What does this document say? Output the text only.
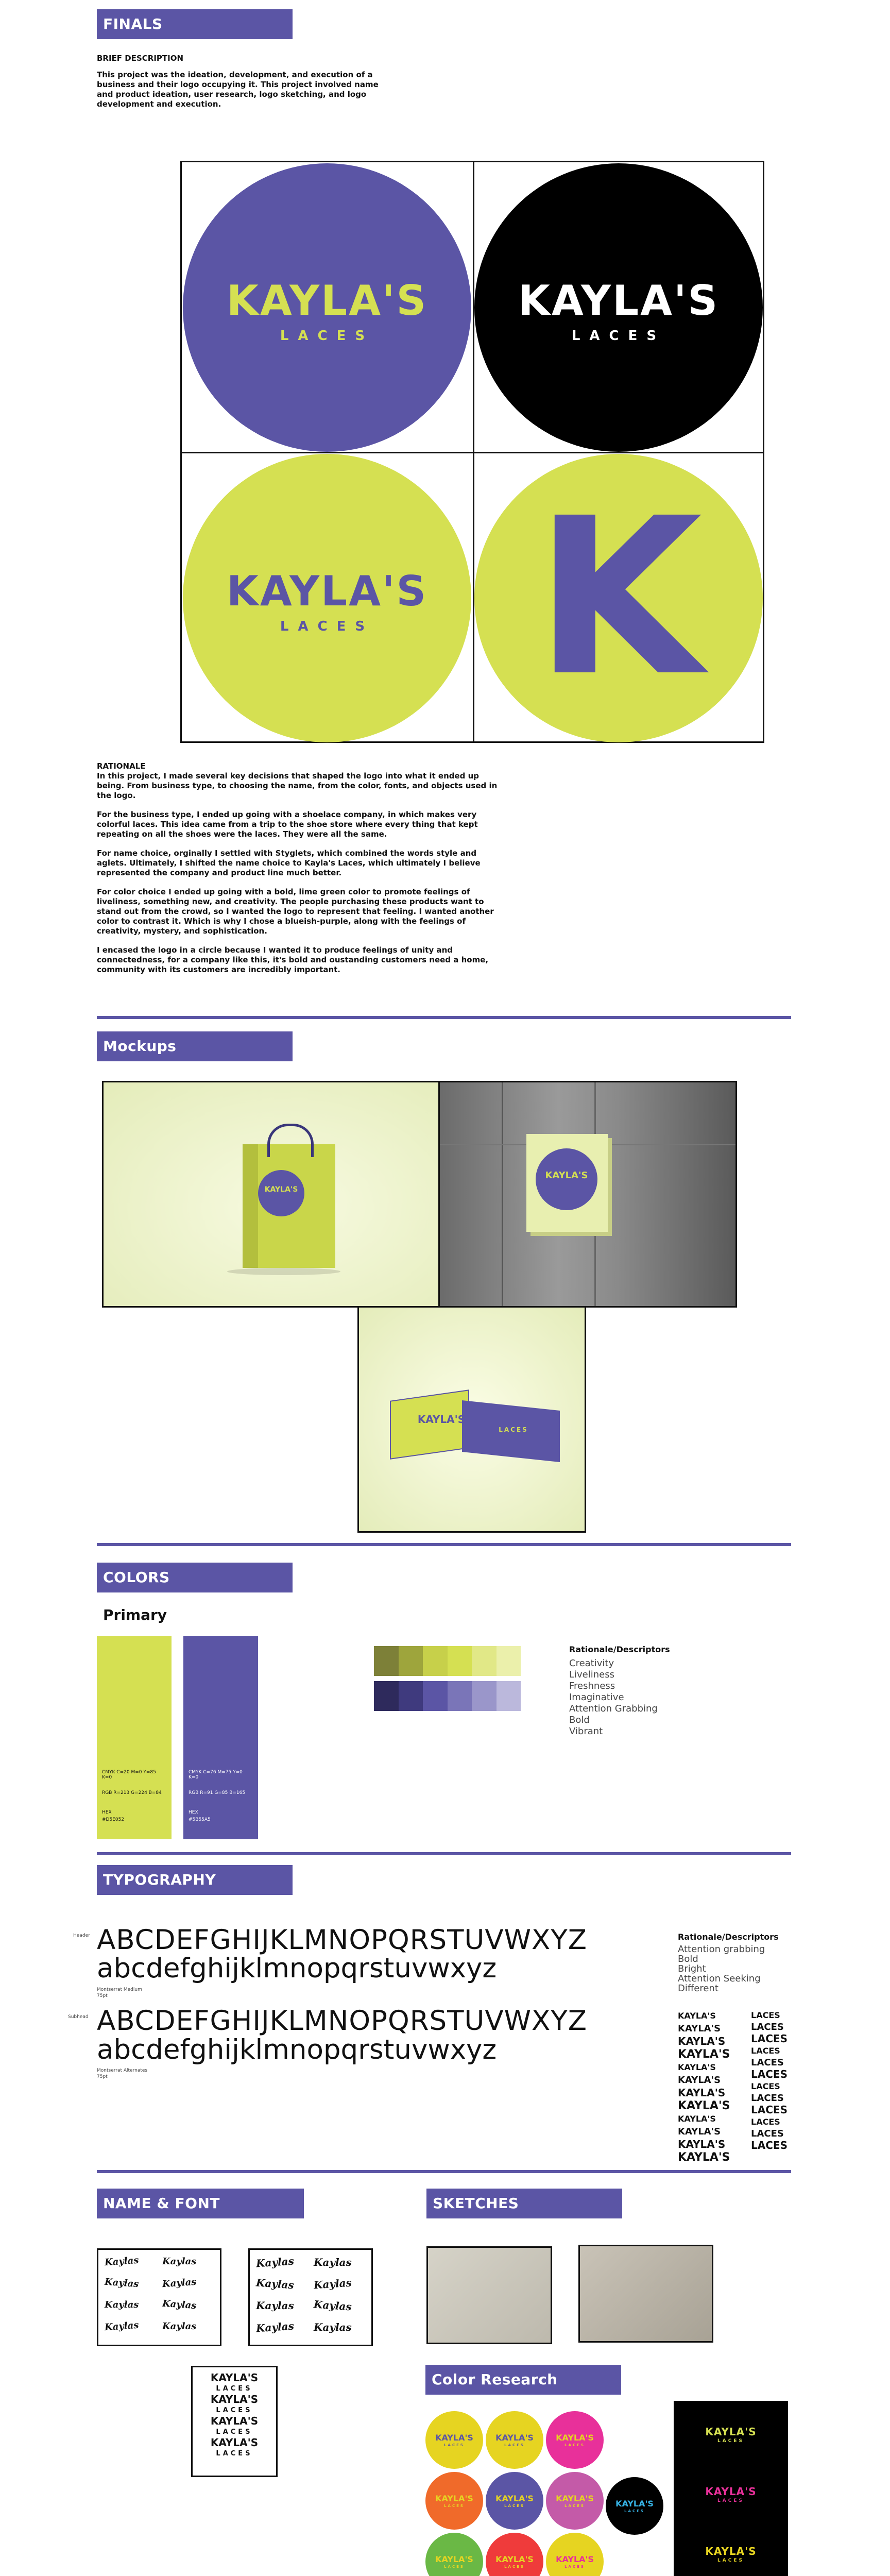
FINALS
BRIEF DESCRIPTION
This project was the ideation, development, and execution of a business and their logo occupying it. This project involved name and product ideation, user research, logo sketching, and logo development and execution.
KAYLA'S
LACES
KAYLA'S
LACES
KAYLA'S
LACES K
RATIONALE

In this project, I made several key decisions that shaped the logo into what it ended up being. From business type, to choosing the name, from the color, fonts, and objects used in the logo.

For the business type, I ended up going with a shoelace company, in which makes very colorful laces. This idea came from a trip to the shoe store where every thing that kept repeating on all the shoes were the laces. They were all the same.

For name choice, orginally I settled with Styglets, which combined the words style and aglets. Ultimately, I shifted the name choice to Kayla's Laces, which ultimately I believe represented the company and product line much better.

For color choice I ended up going with a bold, lime green color to promote feelings of liveliness, something new, and creativity. The people purchasing these products want to stand out from the crowd, so I wanted the logo to represent that feeling. I wanted another color to contrast it. Which is why I chose a blueish-purple, along with the feelings of creativity, mystery, and sophistication.

I encased the logo in a circle because I wanted it to produce feelings of unity and connectedness, for a company like this, it's bold and oustanding customers need a home, community with its customers are incredibly important.

Mockups
KAYLA'S
KAYLA'S
KAYLA'S
LACES
COLORS
Primary
CMYK C=20 M=0 Y=85 K=0
RGB R=213 G=224 B=84
HEX
#D5E052
CMYK C=76 M=75 Y=0 K=0
RGB R=91 G=85 B=165
HEX
#5B55A5
Rationale/Descriptors
Creativity
Liveliness
Freshness
Imaginative
Attention Grabbing
Bold
Vibrant
TYPOGRAPHY
Header ABCDEFGHIJKLMNOPQRSTUVWXYZ
abcdefghijklmnopqrstuvwxyz
Montserrat Medium
75pt
Subhead ABCDEFGHIJKLMNOPQRSTUVWXYZ
abcdefghijklmnopqrstuvwxyz
Montserrat Alternates
75pt
Rationale/Descriptors
Attention grabbing
Bold
Bright
Attention Seeking
Different
KAYLA'S
KAYLA'S
KAYLA'S
KAYLA'S
KAYLA'S
KAYLA'S
KAYLA'S
KAYLA'S
KAYLA'S
KAYLA'S
KAYLA'S
KAYLA'S
LACES
LACES
LACES
LACES
LACES
LACES
LACES
LACES
LACES
LACES
LACES
LACES
NAME & FONT IDEATION
SKETCHES
Kaylas Kaylas
Kaylas Kaylas
Kaylas Kaylas
Kaylas Kaylas
Kaylas Kaylas
Kaylas Kaylas
Kaylas Kaylas
Kaylas Kaylas
KAYLA'S
LACES
KAYLA'S
LACES
KAYLA'S
LACES
KAYLA'S
LACES
Color Research
KAYLA'S
LACES
KAYLA'S
LACES
KAYLA'S
LACES
KAYLA'S
LACES
KAYLA'S
LACES
KAYLA'S
LACES	KAYLA'S
LACES
KAYLA'S
LACES
KAYLA'S
LACES
KAYLA'S
LACES
KAYLA'S
LACES
KAYLA'S
LACES
KAYLA'S
LACES
